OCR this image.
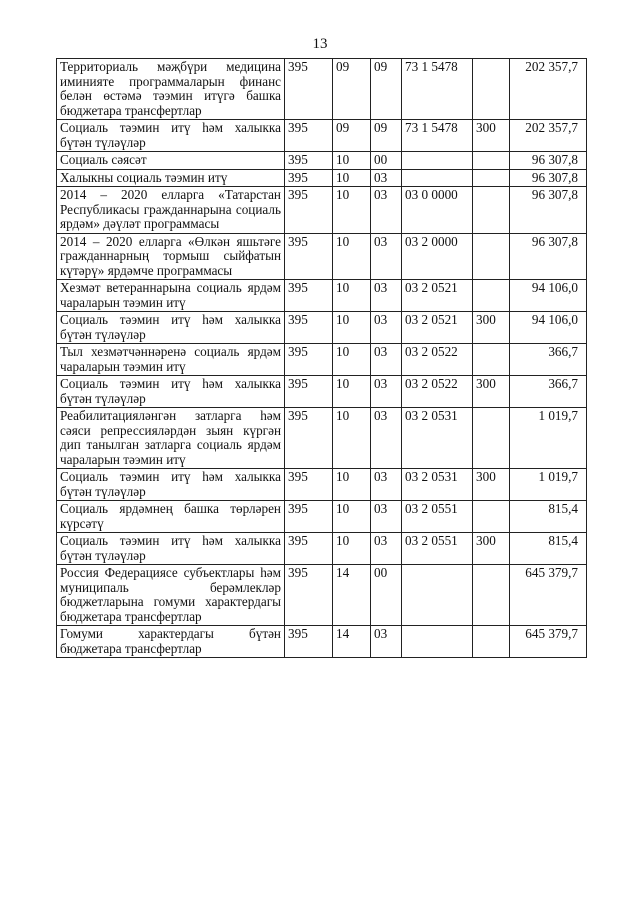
13
Территориаль мәҗбүри медицина иминияте программаларын финанс белән өстәмә тәэмин итүгә башка бюджетара трансфертлар	395	09	09	73 1 5478		202 357,7
Социаль тәэмин итү һәм халыкка бүтән түләүләр	395	09	09	73 1 5478	300	202 357,7
Социаль сәясәт	395	10	00			96 307,8
Халыкны социаль тәэмин итү	395	10	03			96 307,8
2014 – 2020 елларга «Татарстан Республикасы гражданнарына социаль ярдәм» дәүләт программасы	395	10	03	03 0 0000		96 307,8
2014 – 2020 елларга «Өлкән яшьтәге гражданнарның тормыш сыйфатын күтәрү» ярдәмче программасы	395	10	03	03 2 0000		96 307,8
Хезмәт ветераннарына социаль ярдәм чараларын тәэмин итү	395	10	03	03 2 0521		94 106,0
Социаль тәэмин итү һәм халыкка бүтән түләүләр	395	10	03	03 2 0521	300	94 106,0
Тыл хезмәтчәннәренә социаль ярдәм чараларын тәэмин итү	395	10	03	03 2 0522		366,7
Социаль тәэмин итү һәм халыкка бүтән түләүләр	395	10	03	03 2 0522	300	366,7
Реабилитацияләнгән затларга һәм сәяси репрессияләрдән зыян күргән дип танылган затларга социаль ярдәм чараларын тәэмин итү	395	10	03	03 2 0531		1 019,7
Социаль тәэмин итү һәм халыкка бүтән түләүләр	395	10	03	03 2 0531	300	1 019,7
Социаль ярдәмнең башка төрләрен күрсәтү	395	10	03	03 2 0551		815,4
Социаль тәэмин итү һәм халыкка бүтән түләүләр	395	10	03	03 2 0551	300	815,4
Россия Федерациясе субъектлары һәм муниципаль берәмлекләр бюджетларына гомуми характердагы бюджетара трансфертлар	395	14	00			645 379,7
Гомуми характердагы бүтән бюджетара трансфертлар	395	14	03			645 379,7
